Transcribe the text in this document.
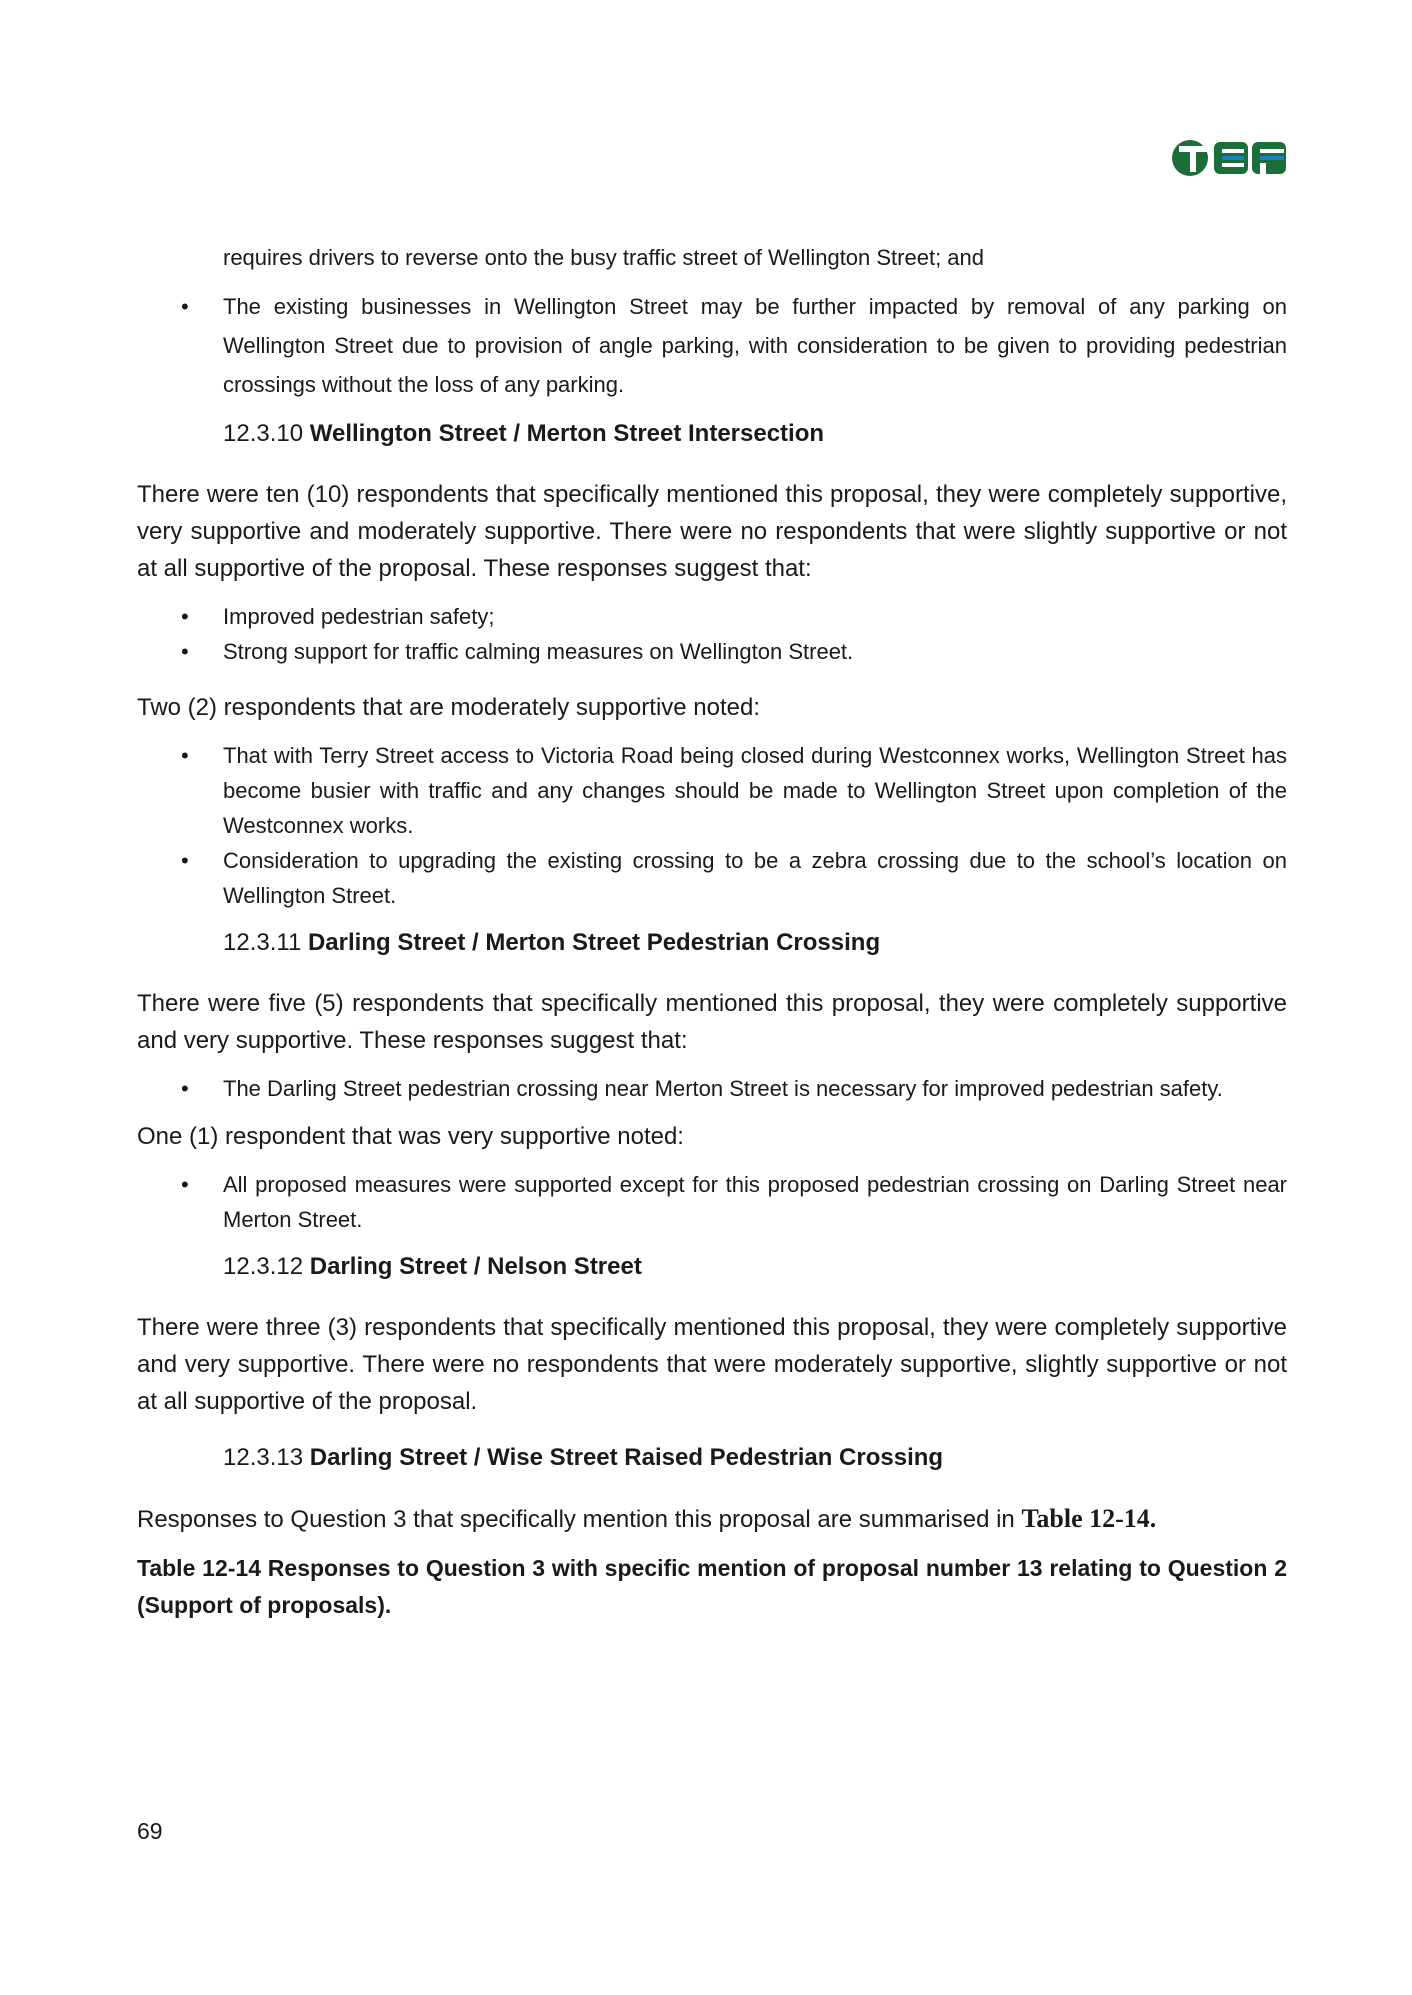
requires drivers to reverse onto the busy traffic street of Wellington Street; and

• The existing businesses in Wellington Street may be further impacted by removal of any parking on Wellington Street due to provision of angle parking, with consideration to be given to providing pedestrian crossings without the loss of any parking.

12.3.10 Wellington Street / Merton Street Intersection

There were ten (10) respondents that specifically mentioned this proposal, they were completely supportive, very supportive and moderately supportive. There were no respondents that were slightly supportive or not at all supportive of the proposal. These responses suggest that:

• Improved pedestrian safety;
• Strong support for traffic calming measures on Wellington Street.

Two (2) respondents that are moderately supportive noted:

• That with Terry Street access to Victoria Road being closed during Westconnex works, Wellington Street has become busier with traffic and any changes should be made to Wellington Street upon completion of the Westconnex works.
• Consideration to upgrading the existing crossing to be a zebra crossing due to the school’s location on Wellington Street.

12.3.11 Darling Street / Merton Street Pedestrian Crossing

There were five (5) respondents that specifically mentioned this proposal, they were completely supportive and very supportive. These responses suggest that:

• The Darling Street pedestrian crossing near Merton Street is necessary for improved pedestrian safety.

One (1) respondent that was very supportive noted:

• All proposed measures were supported except for this proposed pedestrian crossing on Darling Street near Merton Street.

12.3.12 Darling Street / Nelson Street

There were three (3) respondents that specifically mentioned this proposal, they were completely supportive and very supportive. There were no respondents that were moderately supportive, slightly supportive or not at all supportive of the proposal.

12.3.13 Darling Street / Wise Street Raised Pedestrian Crossing

Responses to Question 3 that specifically mention this proposal are summarised in Table 12-14.

Table 12-14 Responses to Question 3 with specific mention of proposal number 13 relating to Question 2 (Support of proposals).

69
